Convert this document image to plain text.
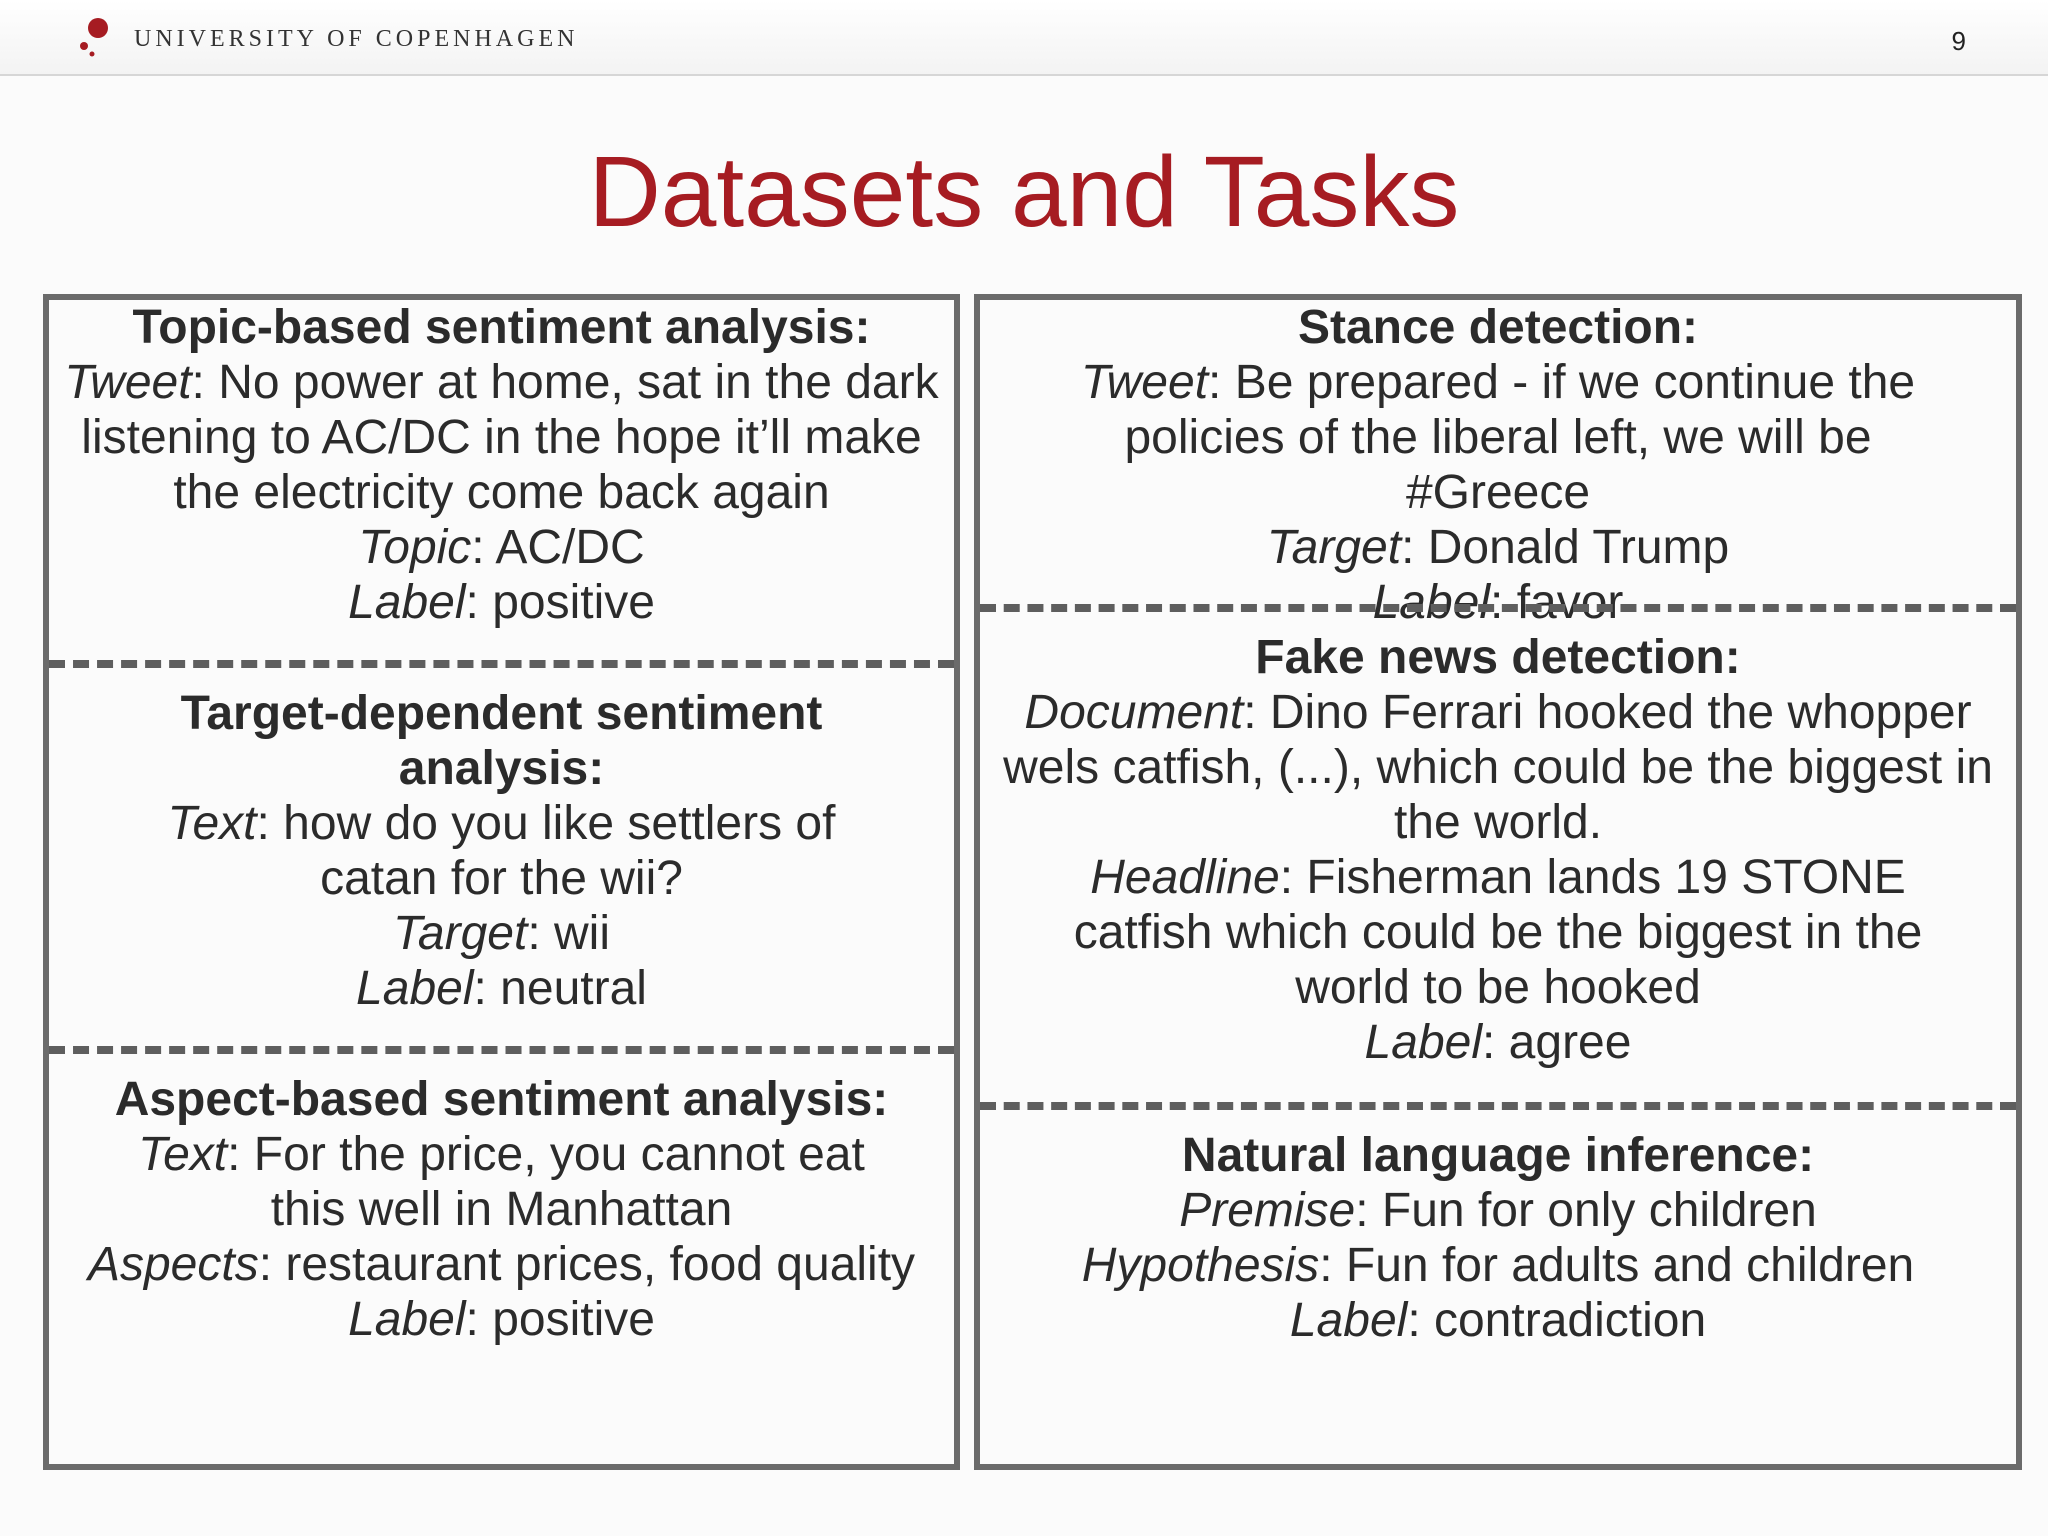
UNIVERSITY OF COPENHAGEN	9
Datasets and Tasks
Topic-based sentiment analysis:
Tweet: No power at home, sat in the dark listening to AC/DC in the hope it’ll make the electricity come back again
Topic: AC/DC
Label: positive
Target-dependent sentiment analysis:
Text: how do you like settlers of catan for the wii?
Target: wii
Label: neutral
Aspect-based sentiment analysis:
Text: For the price, you cannot eat this well in Manhattan
Aspects: restaurant prices, food quality
Label: positive
Stance detection:
Tweet: Be prepared - if we continue the policies of the liberal left, we will be #Greece
Target: Donald Trump
Label: favor
Fake news detection:
Document: Dino Ferrari hooked the whopper wels catfish, (...), which could be the biggest in the world.
Headline: Fisherman lands 19 STONE catfish which could be the biggest in the world to be hooked
Label: agree
Natural language inference:
Premise: Fun for only children
Hypothesis: Fun for adults and children
Label: contradiction
